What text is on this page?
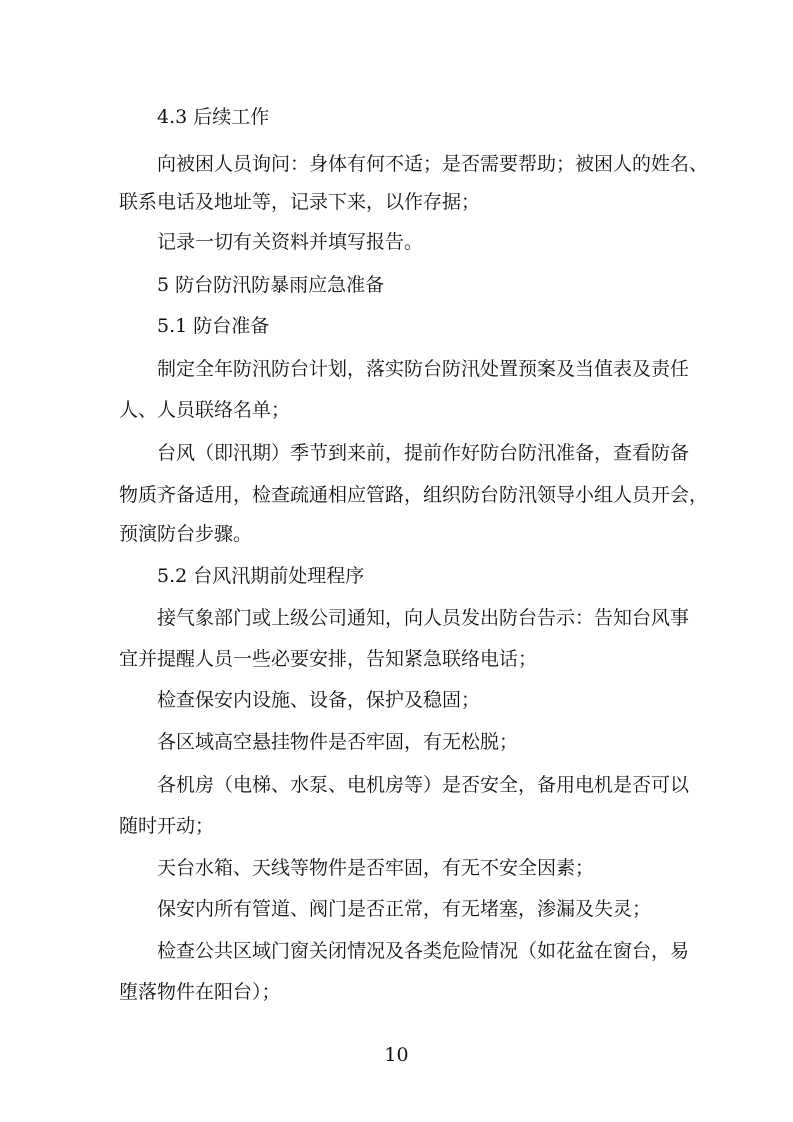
4.3 后续工作
向被困人员询问：身体有何不适；是否需要帮助；被困人的姓名、
联系电话及地址等，记录下来，以作存据；
记录一切有关资料并填写报告。
5 防台防汛防暴雨应急准备
5.1 防台准备
制定全年防汛防台计划，落实防台防汛处置预案及当值表及责任
人、人员联络名单；
台风（即汛期）季节到来前，提前作好防台防汛准备，查看防备
物质齐备适用，检查疏通相应管路，组织防台防汛领导小组人员开会，
预演防台步骤。
5.2 台风汛期前处理程序
接气象部门或上级公司通知，向人员发出防台告示：告知台风事
宜并提醒人员一些必要安排，告知紧急联络电话；
检查保安内设施、设备，保护及稳固；
各区域高空悬挂物件是否牢固，有无松脱；
各机房（电梯、水泵、电机房等）是否安全，备用电机是否可以
随时开动；
天台水箱、天线等物件是否牢固，有无不安全因素；
保安内所有管道、阀门是否正常，有无堵塞，渗漏及失灵；
检查公共区域门窗关闭情况及各类危险情况（如花盆在窗台，易
堕落物件在阳台）；
10
